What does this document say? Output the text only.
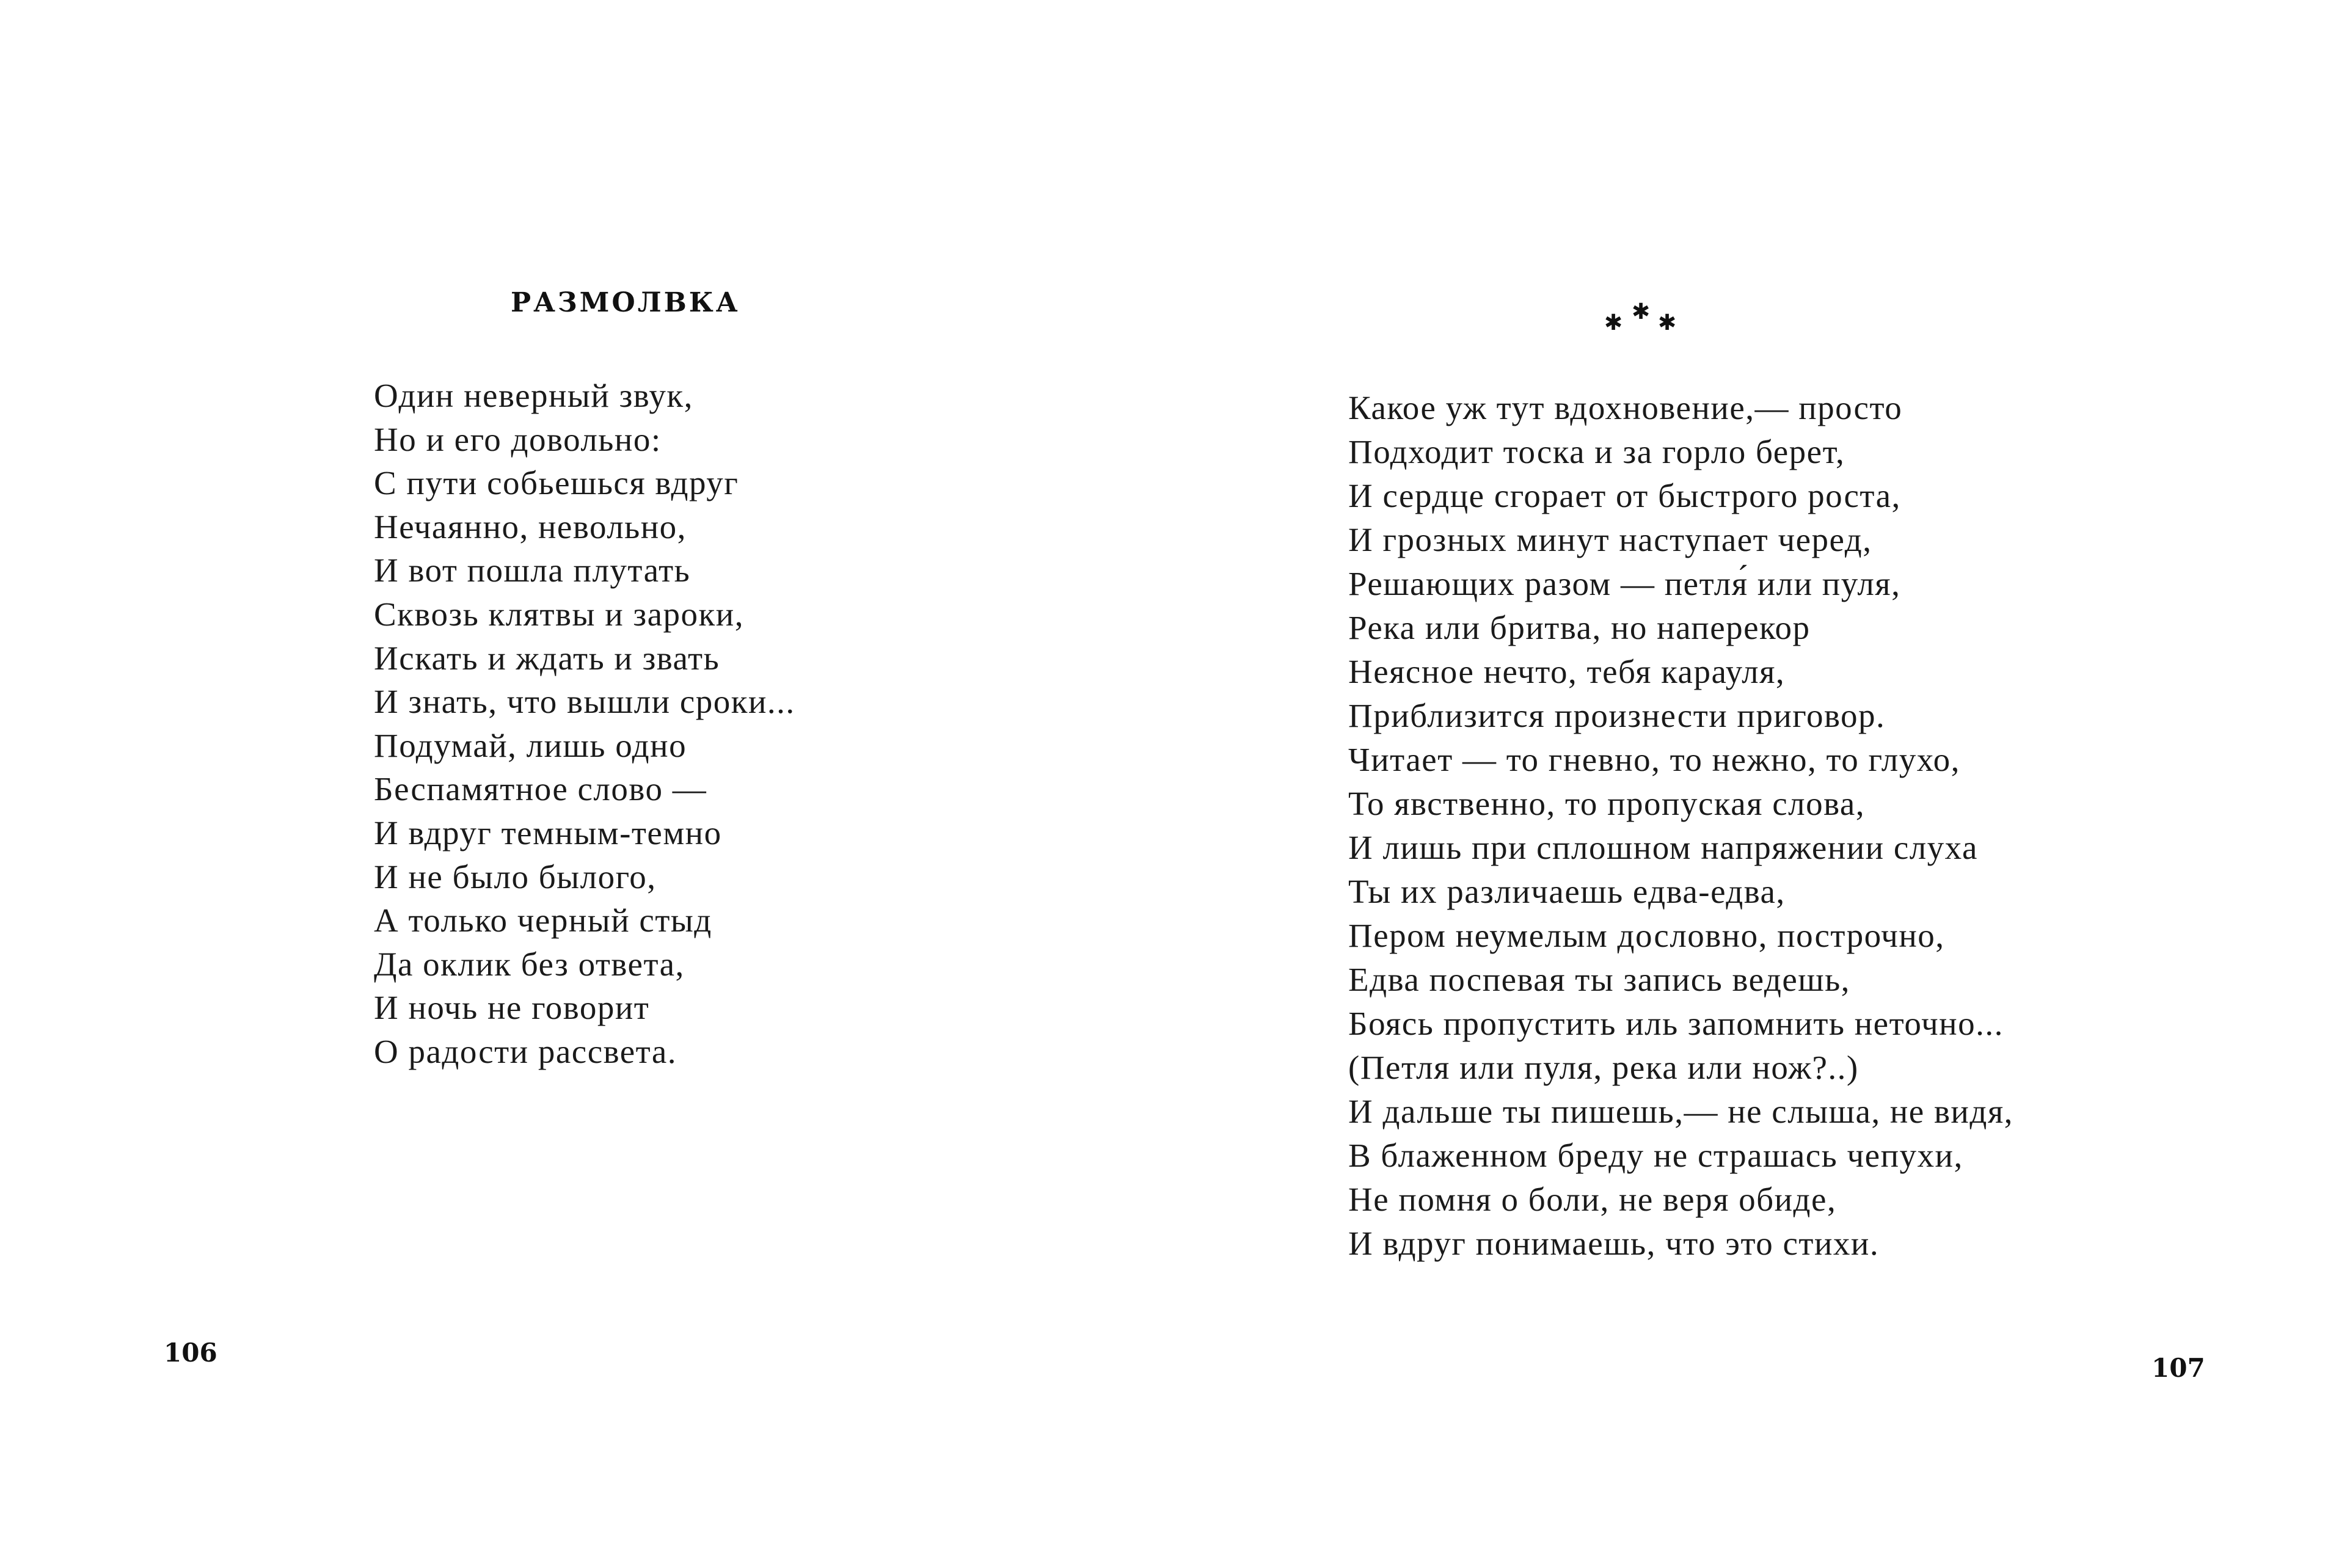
РАЗМОЛВКА
Один неверный звук,
Но и его довольно:
С пути собьешься вдруг
Нечаянно, невольно,
И вот пошла плутать
Сквозь клятвы и зароки,
Искать и ждать и звать
И знать, что вышли сроки...
Подумай, лишь одно
Беспамятное слово —
И вдруг темным-темно
И не было былого,
А только черный стыд
Да оклик без ответа,
И ночь не говорит
О радости рассвета.
106
✱ ✱ ✱
Какое уж тут вдохновение,— просто
Подходит тоска и за горло берет,
И сердце сгорает от быстрого роста,
И грозных минут наступает черед,
Решающих разом — петля́ или пуля,
Река или бритва, но наперекор
Неясное нечто, тебя карауля,
Приблизится произнести приговор.
Читает — то гневно, то нежно, то глухо,
То явственно, то пропуская слова,
И лишь при сплошном напряжении слуха
Ты их различаешь едва-едва,
Пером неумелым дословно, построчно,
Едва поспевая ты запись ведешь,
Боясь пропустить иль запомнить неточно...
(Петля или пуля, река или нож?..)
И дальше ты пишешь,— не слыша, не видя,
В блаженном бреду не страшась чепухи,
Не помня о боли, не веря обиде,
И вдруг понимаешь, что это стихи.
107
